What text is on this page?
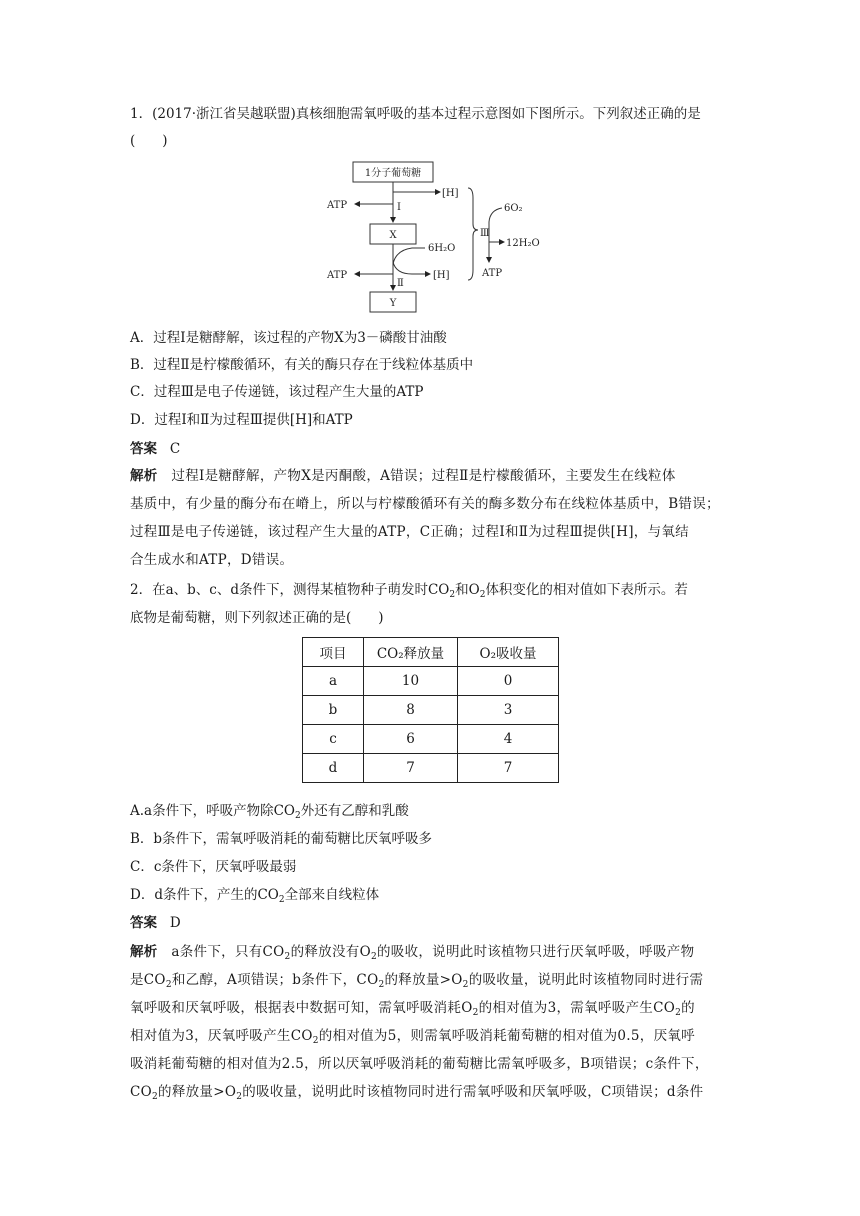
1．(2017·浙江省吴越联盟)真核细胞需氧呼吸的基本过程示意图如下图所示。下列叙述正确的是
(　　)
1分子葡萄糖
[H]
ATP	Ⅰ
X
6H₂O
[H]
ATP
Ⅱ
Y
Ⅲ
6O₂
12H₂O
ATP
A．过程Ⅰ是糖酵解，该过程的产物X为3－磷酸甘油酸
B．过程Ⅱ是柠檬酸循环，有关的酶只存在于线粒体基质中
C．过程Ⅲ是电子传递链，该过程产生大量的ATP
D．过程Ⅰ和Ⅱ为过程Ⅲ提供[H]和ATP
答案 C
解析 过程Ⅰ是糖酵解，产物X是丙酮酸，A错误；过程Ⅱ是柠檬酸循环，主要发生在线粒体
基质中，有少量的酶分布在嵴上，所以与柠檬酸循环有关的酶多数分布在线粒体基质中，B错误；
过程Ⅲ是电子传递链，该过程产生大量的ATP，C正确；过程Ⅰ和Ⅱ为过程Ⅲ提供[H]，与氧结
合生成水和ATP，D错误。
2．在a、b、c、d条件下，测得某植物种子萌发时$CO_2$和$O_2$体积变化的相对值如下表所示。若
底物是葡萄糖，则下列叙述正确的是(　　)
项目	CO₂释放量	O₂吸收量
a	10	0
b	8	3
c	6	4
d	7	7
A.a条件下，呼吸产物除$CO_2$外还有乙醇和乳酸
B．b条件下，需氧呼吸消耗的葡萄糖比厌氧呼吸多
C．c条件下，厌氧呼吸最弱
D．d条件下，产生的$CO_2$全部来自线粒体
答案 D
解析 a条件下，只有$CO_2$的释放没有$O_2$的吸收，说明此时该植物只进行厌氧呼吸，呼吸产物
是$CO_2$和乙醇，A项错误；b条件下，$CO_2$的释放量$>O_2$的吸收量，说明此时该植物同时进行需
氧呼吸和厌氧呼吸，根据表中数据可知，需氧呼吸消耗$O_2$的相对值为3，需氧呼吸产生$CO_2$的
相对值为3，厌氧呼吸产生$CO_2$的相对值为5，则需氧呼吸消耗葡萄糖的相对值为0.5，厌氧呼
吸消耗葡萄糖的相对值为2.5，所以厌氧呼吸消耗的葡萄糖比需氧呼吸多，B项错误；c条件下，
$CO_2$的释放量$>O_2$的吸收量，说明此时该植物同时进行需氧呼吸和厌氧呼吸，C项错误；d条件
